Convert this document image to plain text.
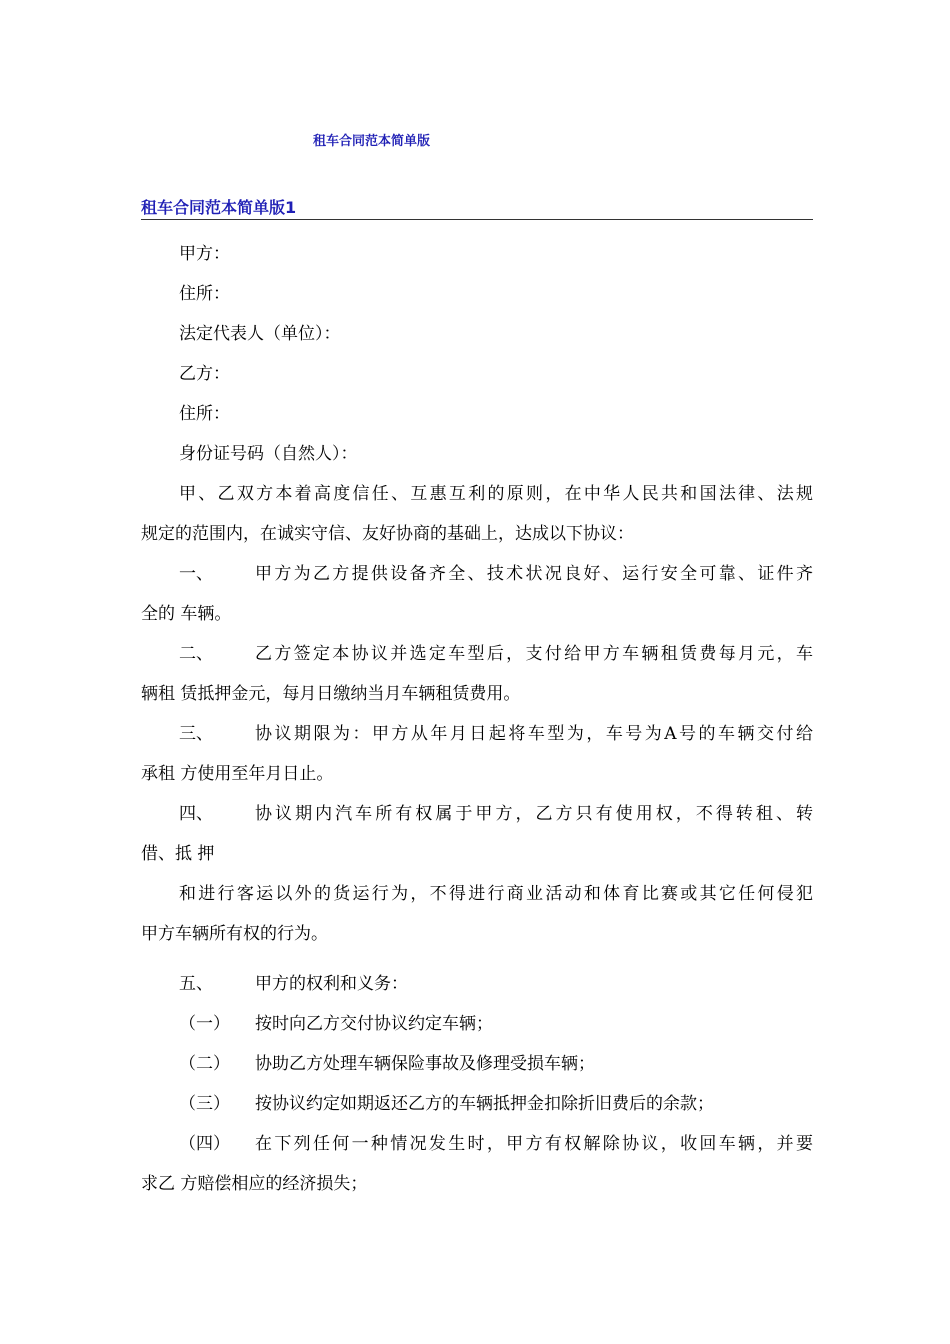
租车合同范本简单版
租车合同范本简单版1
甲方：
住所：
法定代表人（单位）：
乙方：
住所：
身份证号码（自然人）：
甲、乙双方本着高度信任、互惠互利的原则，在中华人民共和国法律、法规
规定的范围内，在诚实守信、友好协商的基础上，达成以下协议：
一、	甲方为乙方提供设备齐全、技术状况良好、运行安全可靠、证件齐
全的 车辆。
二、	乙方签定本协议并选定车型后，支付给甲方车辆租赁费每月元，车
辆租 赁抵押金元，每月日缴纳当月车辆租赁费用。
三、	协议期限为：甲方从年月日起将车型为，车号为A号的车辆交付给
承租 方使用至年月日止。
四、	协议期内汽车所有权属于甲方，乙方只有使用权，不得转租、转
借、抵 押
和进行客运以外的货运行为，不得进行商业活动和体育比赛或其它任何侵犯
甲方车辆所有权的行为。
五、	甲方的权利和义务：
（一）	按时向乙方交付协议约定车辆；
（二）	协助乙方处理车辆保险事故及修理受损车辆；
（三）	按协议约定如期返还乙方的车辆抵押金扣除折旧费后的余款；
（四）	在下列任何一种情况发生时，甲方有权解除协议，收回车辆，并要
求乙 方赔偿相应的经济损失；
